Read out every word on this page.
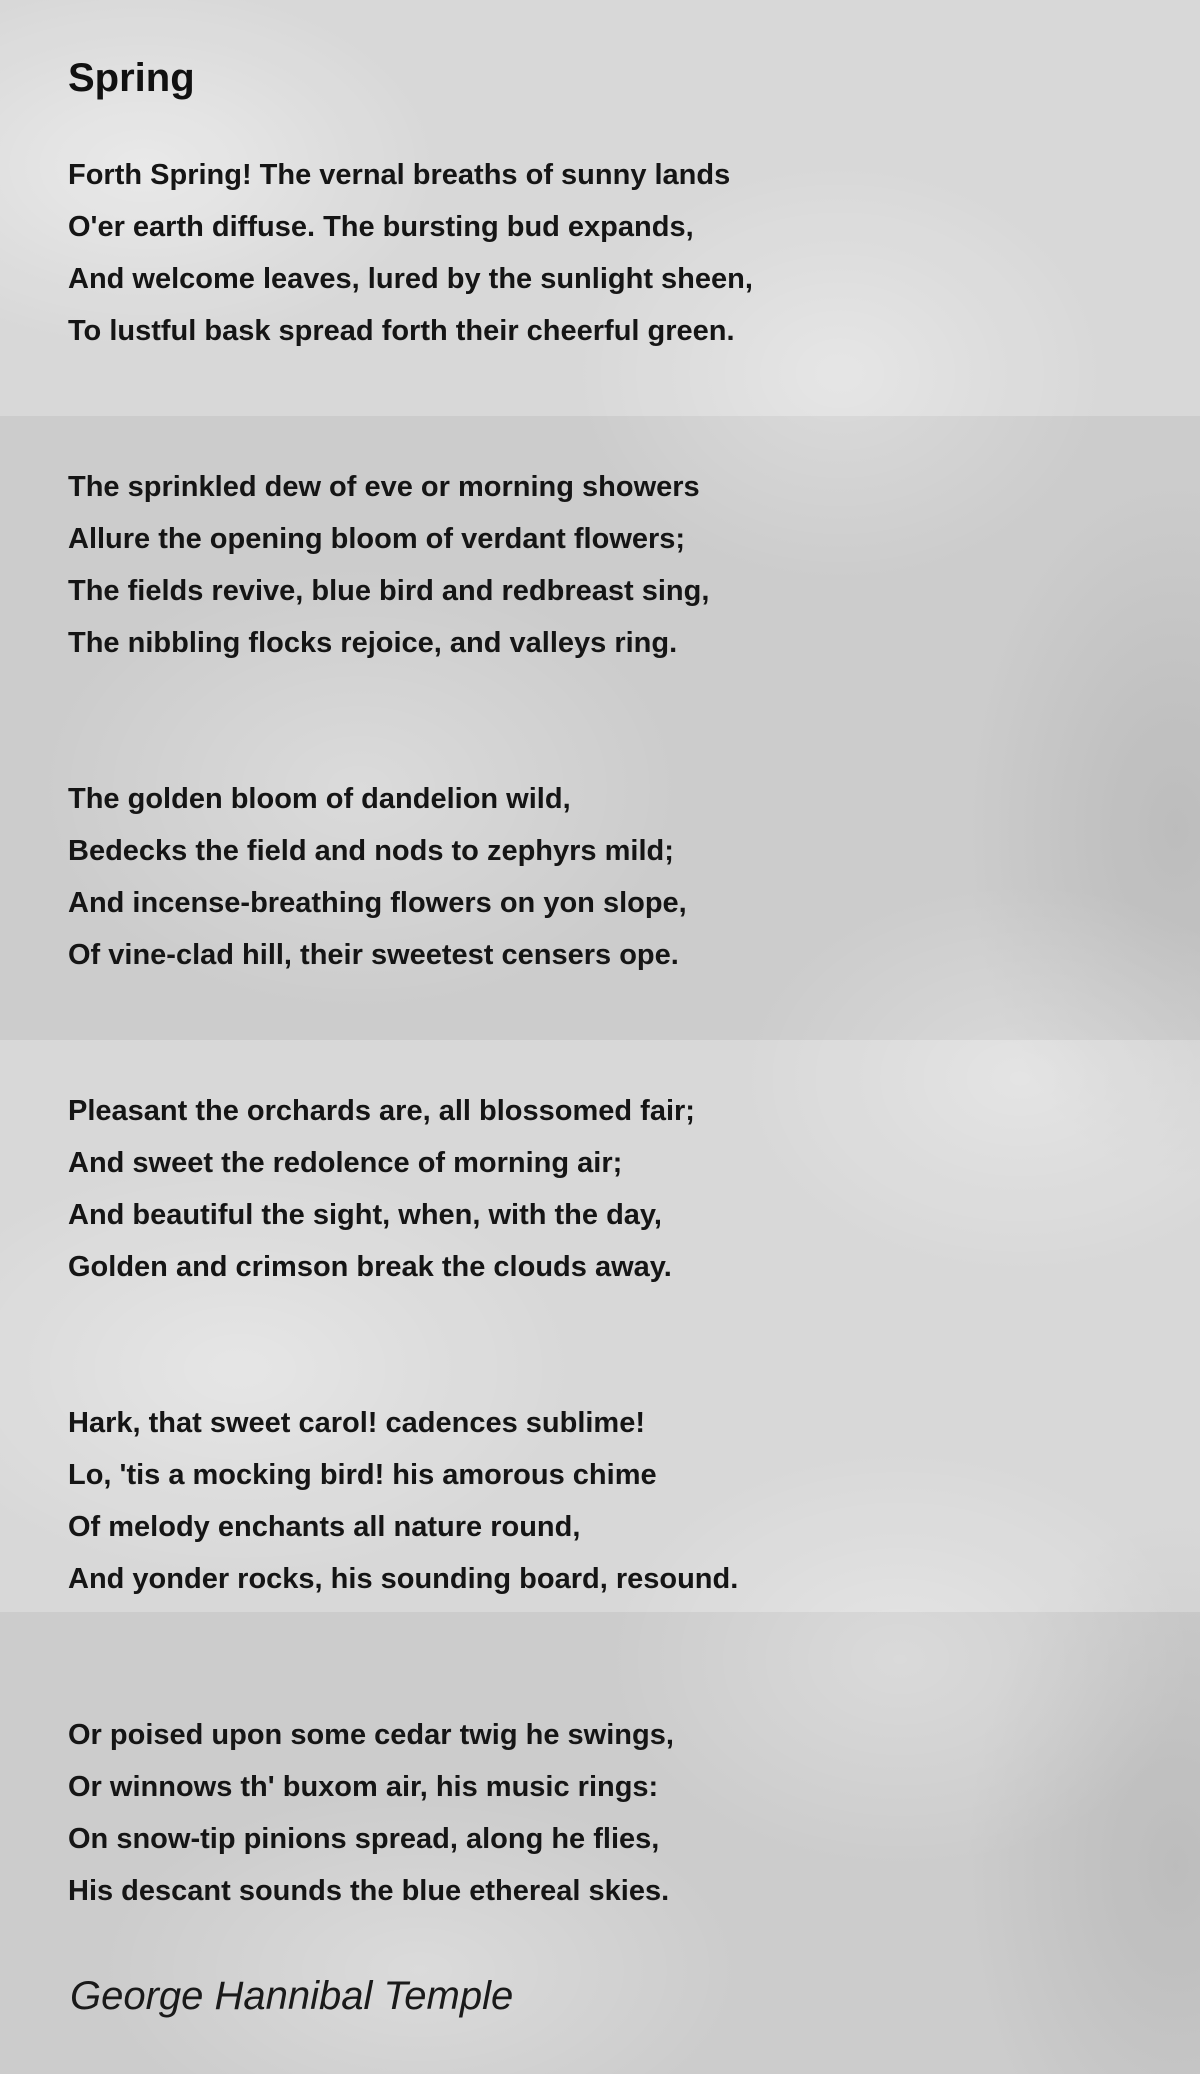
Spring
Forth Spring! The vernal breaths of sunny lands
O'er earth diffuse. The bursting bud expands,
And welcome leaves, lured by the sunlight sheen,
To lustful bask spread forth their cheerful green.
The sprinkled dew of eve or morning showers
Allure the opening bloom of verdant flowers;
The fields revive, blue bird and redbreast sing,
The nibbling flocks rejoice, and valleys ring.
The golden bloom of dandelion wild,
Bedecks the field and nods to zephyrs mild;
And incense-breathing flowers on yon slope,
Of vine-clad hill, their sweetest censers ope.
Pleasant the orchards are, all blossomed fair;
And sweet the redolence of morning air;
And beautiful the sight, when, with the day,
Golden and crimson break the clouds away.
Hark, that sweet carol! cadences sublime!
Lo, 'tis a mocking bird! his amorous chime
Of melody enchants all nature round,
And yonder rocks, his sounding board, resound.
Or poised upon some cedar twig he swings,
Or winnows th' buxom air, his music rings:
On snow-tip pinions spread, along he flies,
His descant sounds the blue ethereal skies.

George Hannibal Temple
